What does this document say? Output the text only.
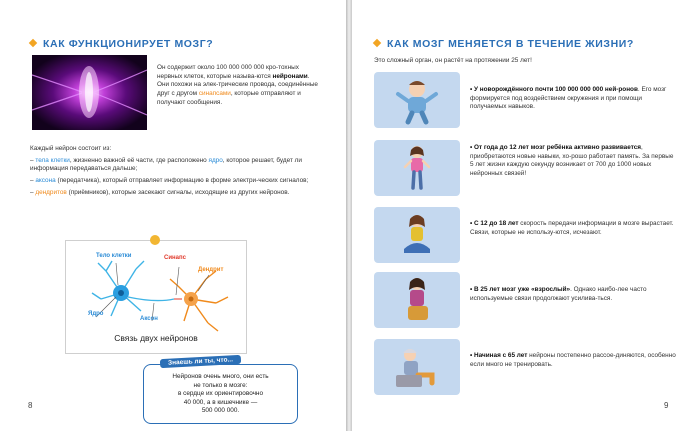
КАК ФУНКЦИОНИРУЕТ МОЗГ?
Он содержит около 100 000 000 000 кро-тохных нервных клеток, которые называ-ются нейронами. Они похожи на элек-трические провода, соединённые друг с другом синапсами, которые отправляют и получают сообщения.
Каждый нейрон состоит из:
– тела клетки, жизненно важной её части, где расположено ядро, которое решает, будет ли информация передаваться дальше;
– аксона (передатчика), который отправляет информацию в форме электри-ческих сигналов;
– дендритов (приёмников), которые засекают сигналы, исходящие из других нейронов.
Тело клетки	Синапс
Дендрит
Ядро
Аксон
Связь двух нейронов
Знаешь ли ты, что...
Нейронов очень много, они есть
не только в мозге:
в сердце их ориентировочно
40 000, а в кишечнике —
500 000 000.
8
КАК МОЗГ МЕНЯЕТСЯ В ТЕЧЕНИЕ ЖИЗНИ?
Это сложный орган, он растёт на протяжении 25 лет!
• У новорождённого почти 100 000 000 000 ней-ронов. Его мозг формируется под воздействием окружения и при помощи получаемых навыков.
• От года до 12 лет мозг ребёнка активно развивается, приобретаются новые навыки, хо-рошо работает память. За первые 5 лет жизни каждую секунду возникает от 700 до 1000 новых нейронных связей!
• С 12 до 18 лет скорость передачи информации в мозге вырастает. Связи, которые не использу-ются, исчезают.
• В 25 лет мозг уже «взрослый». Однако наибо-лее часто используемые связи продолжают усилива-ться.
• Начиная с 65 лет нейроны постепенно рассое-диняются, особенно если много не тренировать.
9
